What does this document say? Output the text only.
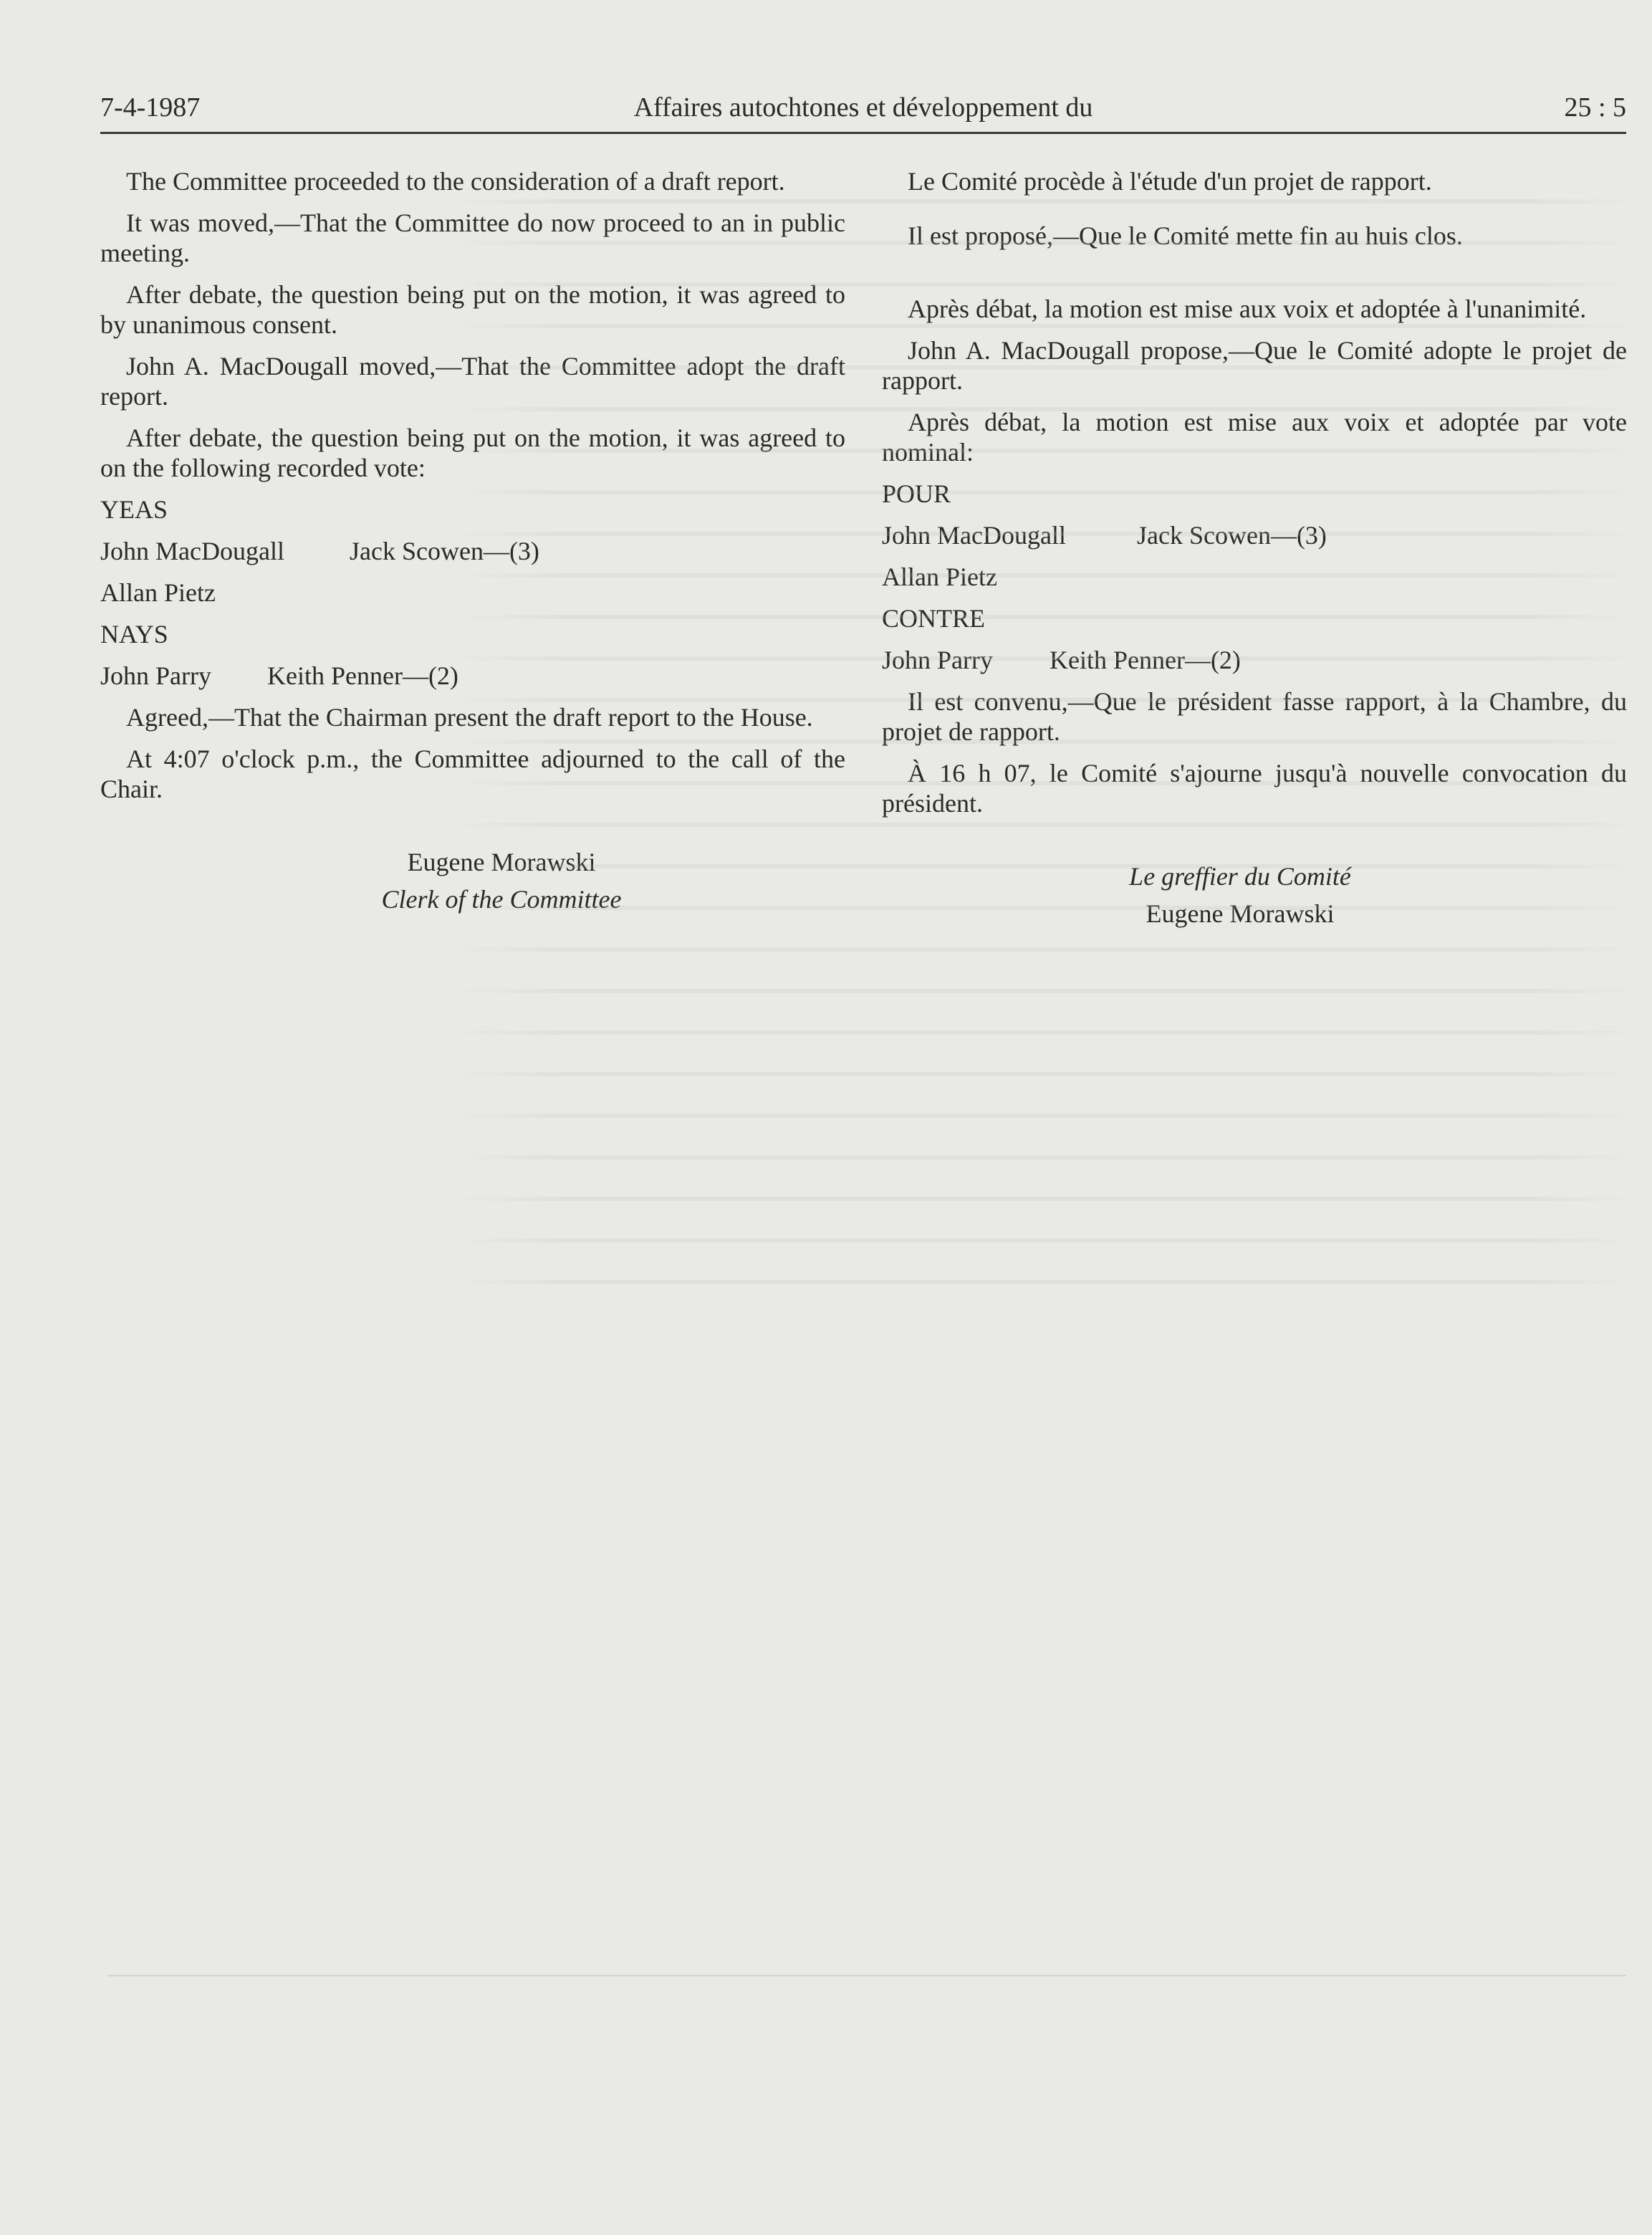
7-4-1987	Affaires autochtones et développement du	25 : 5

The Committee proceeded to the consideration of a draft report.

It was moved,—That the Committee do now proceed to an in public meeting.

After debate, the question being put on the motion, it was agreed to by unanimous consent.

John A. MacDougall moved,—That the Committee adopt the draft report.

After debate, the question being put on the motion, it was agreed to on the following recorded vote:

YEAS

John MacDougall	Jack Scowen—(3)

Allan Pietz

NAYS

John Parry	Keith Penner—(2)

Agreed,—That the Chairman present the draft report to the House.

At 4:07 o'clock p.m., the Committee adjourned to the call of the Chair.

Eugene Morawski
Clerk of the Committee

Le Comité procède à l'étude d'un projet de rapport.

Il est proposé,—Que le Comité mette fin au huis clos.

Après débat, la motion est mise aux voix et adoptée à l'unanimité.

John A. MacDougall propose,—Que le Comité adopte le projet de rapport.

Après débat, la motion est mise aux voix et adoptée par vote nominal:

POUR

John MacDougall	Jack Scowen—(3)

Allan Pietz

CONTRE

John Parry	Keith Penner—(2)

Il est convenu,—Que le président fasse rapport, à la Chambre, du projet de rapport.

À 16 h 07, le Comité s'ajourne jusqu'à nouvelle convocation du président.

Le greffier du Comité
Eugene Morawski
